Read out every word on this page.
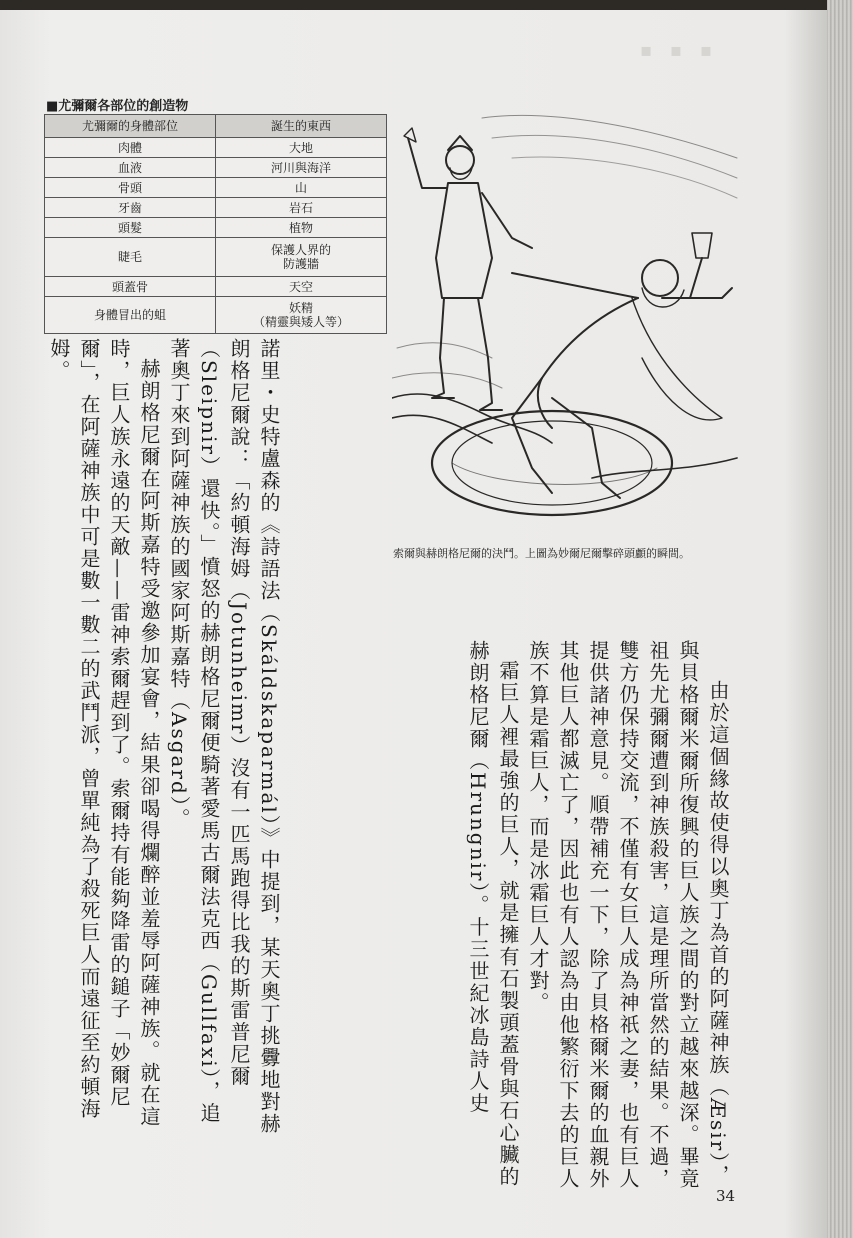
▪ ▪ ▪
■尤彌爾各部位的創造物
尤彌爾的身體部位	誕生的東西
肉體	大地
血液	河川與海洋
骨頭	山
牙齒	岩石
頭髮	植物
睫毛	保護人界的
防護牆
頭蓋骨	天空
身體冒出的蛆	妖精
（精靈與矮人等）
索爾與赫朗格尼爾的決鬥。上圖為妙爾尼爾擊碎頭顱的瞬間。

由於這個緣故使得以奧丁為首的阿薩神族（Æsir），與貝格爾米爾所復興的巨人族之間的對立越來越深。畢竟祖先尤彌爾遭到神族殺害，這是理所當然的結果。不過，雙方仍保持交流，不僅有女巨人成為神祇之妻，也有巨人提供諸神意見。順帶補充一下，除了貝格爾米爾的血親外其他巨人都滅亡了，因此也有人認為由他繁衍下去的巨人族不算是霜巨人，而是冰霜巨人才對。

霜巨人裡最強的巨人，就是擁有石製頭蓋骨與石心臟的赫朗格尼爾（Hrungnir）。十三世紀冰島詩人史

諾里・史特盧森的《詩語法（Skáldskaparmál）》中提到，某天奧丁挑釁地對赫朗格尼爾說：「約頓海姆（Jotunheimr）沒有一匹馬跑得比我的斯雷普尼爾（Sleipnir）還快。」憤怒的赫朗格尼爾便騎著愛馬古爾法克西（Gullfaxi），追著奧丁來到阿薩神族的國家阿斯嘉特（Asgard）。

赫朗格尼爾在阿斯嘉特受邀參加宴會，結果卻喝得爛醉並羞辱阿薩神族。就在這時，巨人族永遠的天敵——雷神索爾趕到了。索爾持有能夠降雷的鎚子「妙爾尼爾」，在阿薩神族中可是數一數二的武鬥派，曾單純為了殺死巨人而遠征至約頓海姆。

34
